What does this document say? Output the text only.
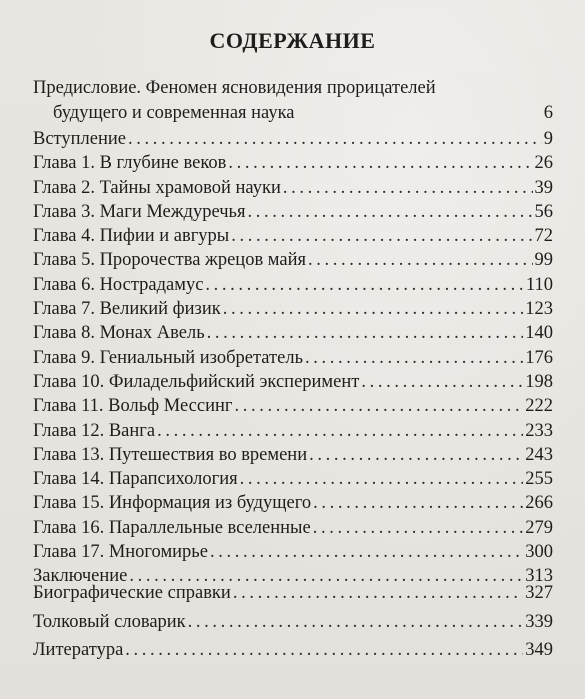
СОДЕРЖАНИЕ
Предисловие. Феномен ясновидения прорицателей
будущего и современная наука	6
Вступление . . .	9
Глава 1. В глубине веков . . .	26
Глава 2. Тайны храмовой науки . . .	39
Глава 3. Маги Междуречья . . .	56
Глава 4. Пифии и авгуры . . .	72
Глава 5. Пророчества жрецов майя . . .	99
Глава 6. Нострадамус . . .	110
Глава 7. Великий физик . . .	123
Глава 8. Монах Авель . . .	140
Глава 9. Гениальный изобретатель . . .	176
Глава 10. Филадельфийский эксперимент . . .	198
Глава 11. Вольф Мессинг . . .	222
Глава 12. Ванга . . .	233
Глава 13. Путешествия во времени . . .	243
Глава 14. Парапсихология . . .	255
Глава 15. Информация из будущего . . .	266
Глава 16. Параллельные вселенные . . .	279
Глава 17. Многомирье . . .	300
Заключение . . .	313
Биографические справки . . .	327
Толковый словарик . . .	339
Литература . . .	349
